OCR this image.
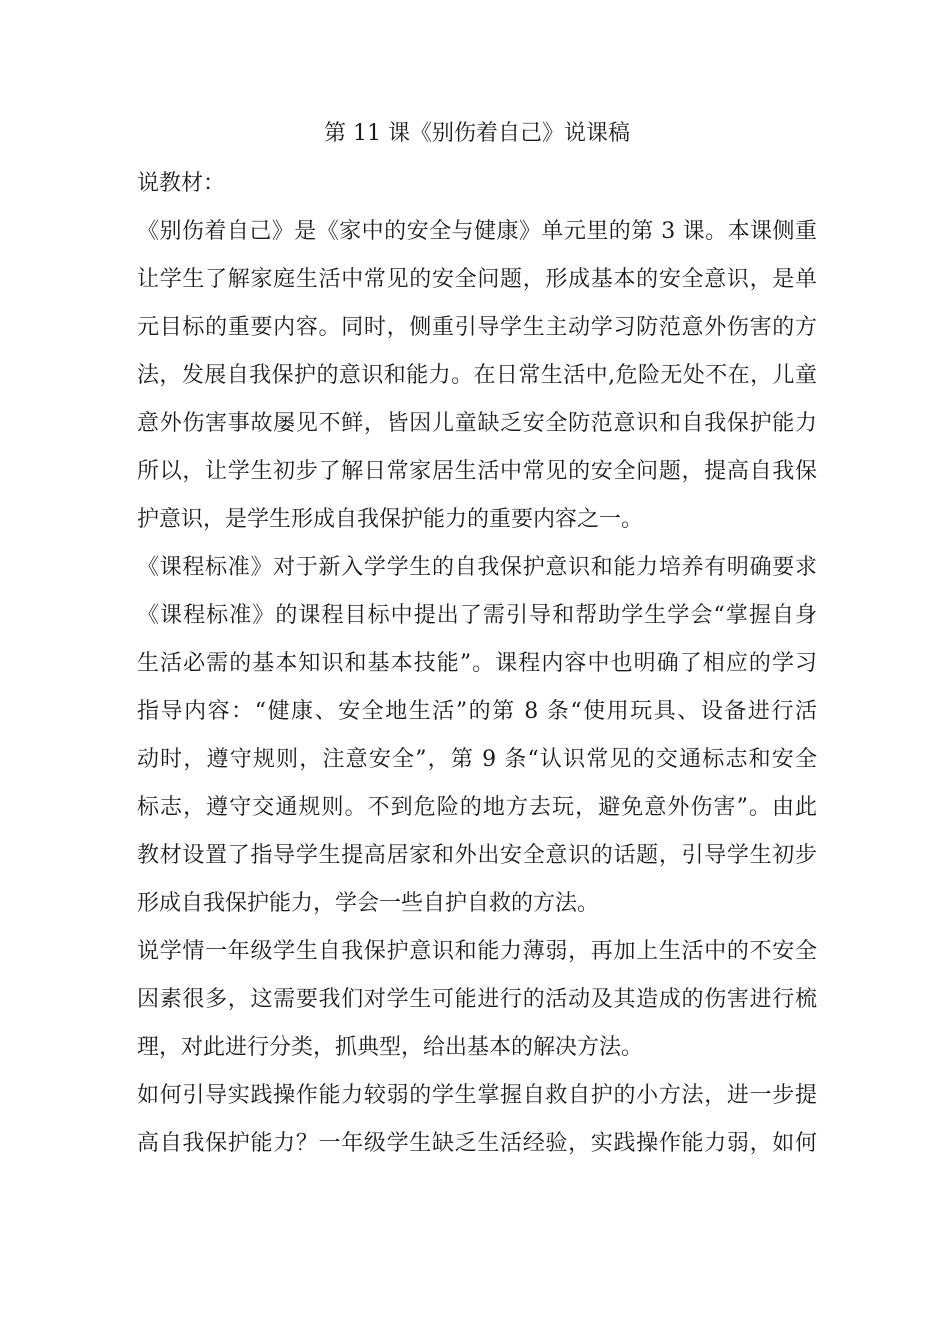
第 11 课《别伤着自己》说课稿
说教材：
《别伤着自己》是《家中的安全与健康》单元里的第 3 课。本课侧重
让学生了解家庭生活中常见的安全问题，形成基本的安全意识，是单
元目标的重要内容。同时，侧重引导学生主动学习防范意外伤害的方
法，发展自我保护的意识和能力。在日常生活中,危险无处不在，儿童
意外伤害事故屡见不鲜，皆因儿童缺乏安全防范意识和自我保护能力
所以，让学生初步了解日常家居生活中常见的安全问题，提高自我保
护意识，是学生形成自我保护能力的重要内容之一。
《课程标准》对于新入学学生的自我保护意识和能力培养有明确要求
《课程标准》的课程目标中提出了需引导和帮助学生学会“掌握自身
生活必需的基本知识和基本技能”。课程内容中也明确了相应的学习
指导内容：“健康、安全地生活”的第 8 条“使用玩具、设备进行活
动时，遵守规则，注意安全”，第 9 条“认识常见的交通标志和安全
标志，遵守交通规则。不到危险的地方去玩，避免意外伤害”。由此
教材设置了指导学生提高居家和外出安全意识的话题，引导学生初步
形成自我保护能力，学会一些自护自救的方法。
说学情一年级学生自我保护意识和能力薄弱，再加上生活中的不安全
因素很多，这需要我们对学生可能进行的活动及其造成的伤害进行梳
理，对此进行分类，抓典型，给出基本的解决方法。
如何引导实践操作能力较弱的学生掌握自救自护的小方法，进一步提
高自我保护能力？一年级学生缺乏生活经验，实践操作能力弱，如何
